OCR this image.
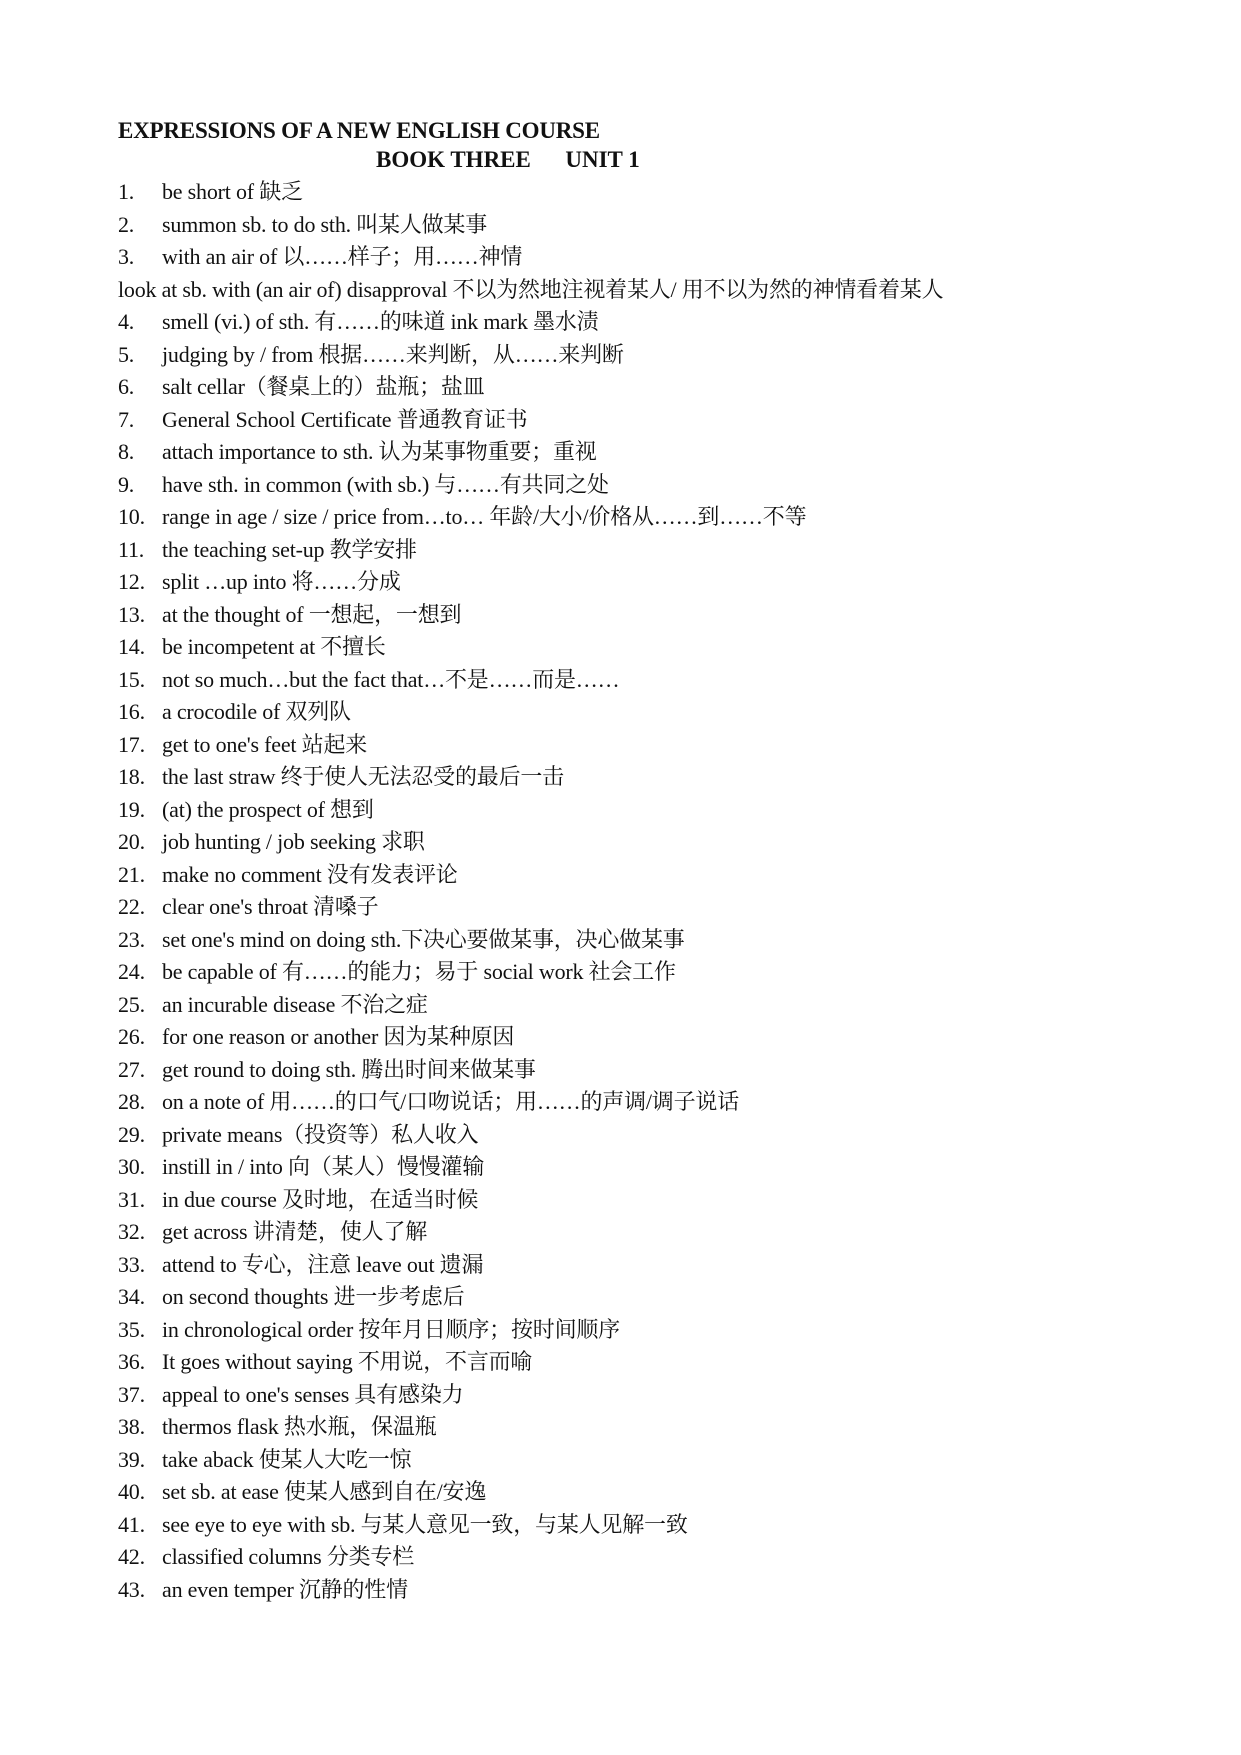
EXPRESSIONS OF A NEW ENGLISH COURSE
BOOK THREE      UNIT 1
1. be short of 缺乏
2. summon sb. to do sth. 叫某人做某事
3. with an air of 以……样子；用……神情
look at sb. with (an air of) disapproval 不以为然地注视着某人/ 用不以为然的神情看着某人
4. smell (vi.) of sth. 有……的味道 ink mark 墨水渍
5. judging by / from 根据……来判断，从……来判断
6. salt cellar（餐桌上的）盐瓶；盐皿
7. General School Certificate 普通教育证书
8. attach importance to sth. 认为某事物重要；重视
9. have sth. in common (with sb.) 与……有共同之处
10. range in age / size / price from…to… 年龄/大小/价格从……到……不等
11. the teaching set-up 教学安排
12. split …up into 将……分成
13. at the thought of 一想起，一想到
14. be incompetent at 不擅长
15. not so much…but the fact that…不是……而是……
16. a crocodile of 双列队
17. get to one's feet 站起来
18. the last straw 终于使人无法忍受的最后一击
19. (at) the prospect of 想到
20. job hunting / job seeking 求职
21. make no comment 没有发表评论
22. clear one's throat 清嗓子
23. set one's mind on doing sth.下决心要做某事，决心做某事
24. be capable of 有……的能力；易于 social work 社会工作
25. an incurable disease 不治之症
26. for one reason or another 因为某种原因
27. get round to doing sth. 腾出时间来做某事
28. on a note of 用……的口气/口吻说话；用……的声调/调子说话
29. private means（投资等）私人收入
30. instill in / into 向（某人）慢慢灌输
31. in due course 及时地，在适当时候
32. get across 讲清楚，使人了解
33. attend to 专心，注意 leave out 遗漏
34. on second thoughts 进一步考虑后
35. in chronological order 按年月日顺序；按时间顺序
36. It goes without saying 不用说，不言而喻
37. appeal to one's senses 具有感染力
38. thermos flask 热水瓶，保温瓶
39. take aback 使某人大吃一惊
40. set sb. at ease 使某人感到自在/安逸
41. see eye to eye with sb. 与某人意见一致，与某人见解一致
42. classified columns 分类专栏
43. an even temper 沉静的性情
